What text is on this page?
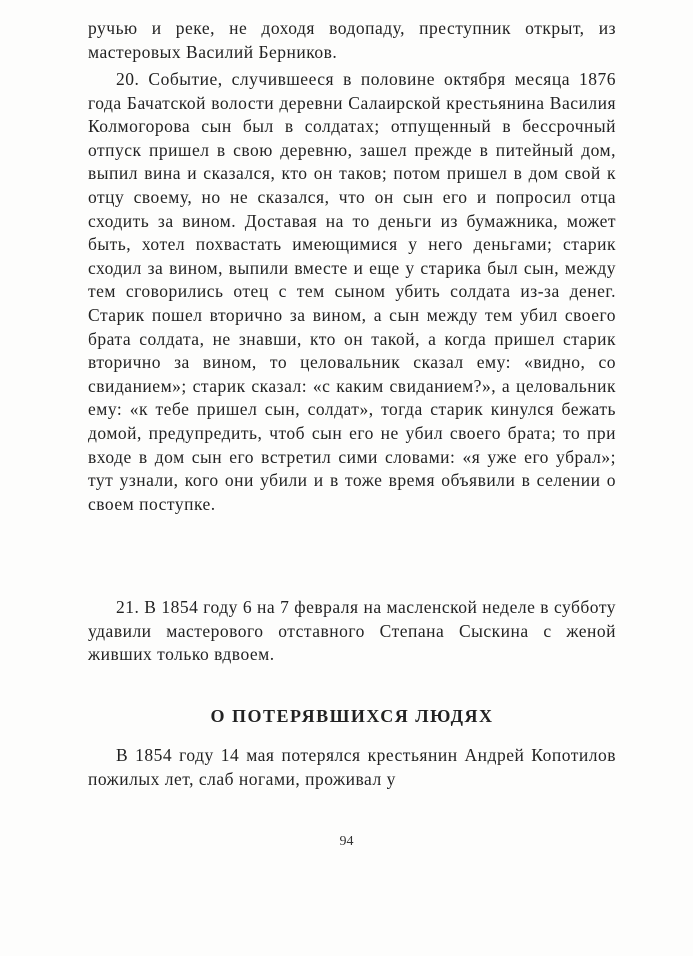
ручью и реке, не доходя водопаду, преступник открыт, из мастеровых Василий Берников.

20. Событие, случившееся в половине октября месяца 1876 года Бачатской волости деревни Салаирской крестьянина Василия Колмогорова сын был в солдатах; отпущенный в бессрочный отпуск пришел в свою деревню, зашел прежде в питейный дом, выпил вина и сказался, кто он таков; потом пришел в дом свой к отцу своему, но не сказался, что он сын его и попросил отца сходить за вином. Доставая на то деньги из бумажника, может быть, хотел похвастать имеющимися у него деньгами; старик сходил за вином, выпили вместе и еще у старика был сын, между тем сговорились отец с тем сыном убить солдата из-за денег. Старик пошел вторично за вином, а сын между тем убил своего брата солдата, не знавши, кто он такой, а когда пришел старик вторично за вином, то целовальник сказал ему: «видно, со свиданием»; старик сказал: «с каким свиданием?», а целовальник ему: «к тебе пришел сын, солдат», тогда старик кинулся бежать домой, предупредить, чтоб сын его не убил своего брата; то при входе в дом сын его встретил сими словами: «я уже его убрал»; тут узнали, кого они убили и в тоже время объявили в селении о своем поступке.

21. В 1854 году 6 на 7 февраля на масленской неделе в субботу удавили мастерового отставного Степана Сыскина с женой живших только вдвоем.

О ПОТЕРЯВШИХСЯ ЛЮДЯХ

В 1854 году 14 мая потерялся крестьянин Андрей Копотилов пожилых лет, слаб ногами, проживал у

94
